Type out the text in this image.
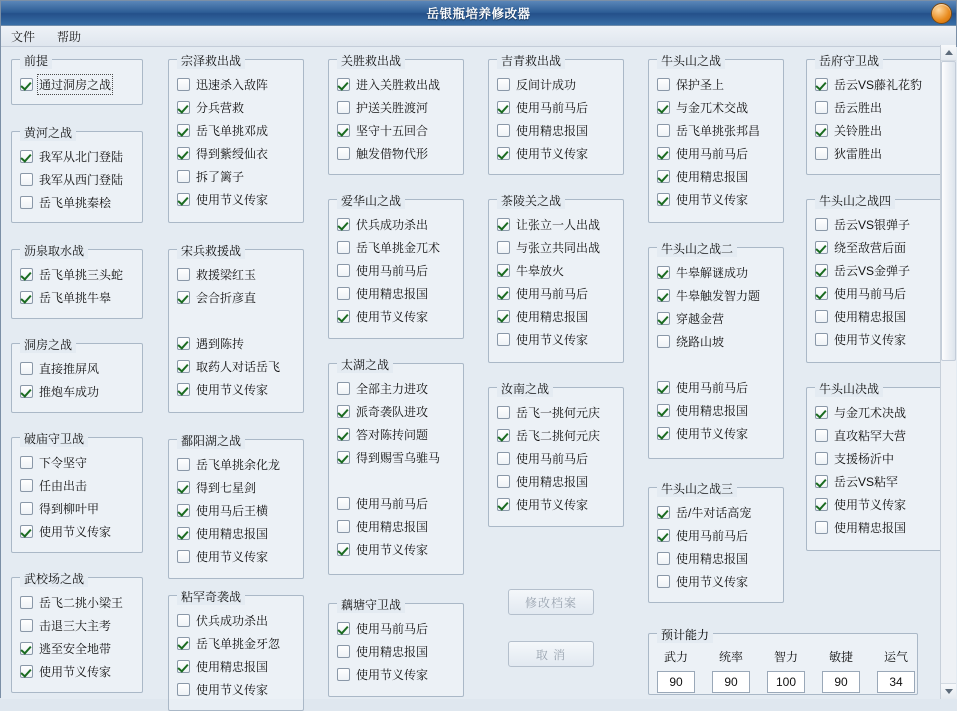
岳银瓶培养修改器
文件	帮助
前提
通过洞房之战
黄河之战
我军从北门登陆
我军从西门登陆
岳飞单挑秦桧
沥泉取水战
岳飞单挑三头蛇
岳飞单挑牛皋
洞房之战
直接推屏风
推炮车成功
破庙守卫战
下令坚守
任由出击
得到柳叶甲
使用节义传家
武校场之战
岳飞二挑小梁王
击退三大主考
逃至安全地带
使用节义传家
宗泽救出战
迅速杀入敌阵
分兵营救
岳飞单挑邓成
得到紫绶仙衣
拆了篱子
使用节义传家
宋兵救援战
救援梁红玉
会合折彦直
遇到陈抟
取药人对话岳飞
使用节义传家
鄱阳湖之战
岳飞单挑余化龙
得到七星剑
使用马后王横
使用精忠报国
使用节义传家
粘罕奇袭战
伏兵成功杀出
岳飞单挑金牙忽
使用精忠报国
使用节义传家
关胜救出战
进入关胜救出战
护送关胜渡河
坚守十五回合
触发借物代形
爱华山之战
伏兵成功杀出
岳飞单挑金兀术
使用马前马后
使用精忠报国
使用节义传家
太湖之战
全部主力进攻
派奇袭队进攻
答对陈抟问题
得到赐雪乌骓马
使用马前马后
使用精忠报国
使用节义传家
藕塘守卫战
使用马前马后
使用精忠报国
使用节义传家
吉青救出战
反间计成功
使用马前马后
使用精忠报国
使用节义传家
茶陵关之战
让张立一人出战
与张立共同出战
牛皋放火
使用马前马后
使用精忠报国
使用节义传家
汝南之战
岳飞一挑何元庆
岳飞二挑何元庆
使用马前马后
使用精忠报国
使用节义传家
修改档案
取 消
牛头山之战
保护圣上
与金兀术交战
岳飞单挑张邦昌
使用马前马后
使用精忠报国
使用节义传家
牛头山之战二
牛皋解谜成功
牛皋触发智力题
穿越金营
绕路山坡
使用马前马后
使用精忠报国
使用节义传家
牛头山之战三
岳/牛对话高宠
使用马前马后
使用精忠报国
使用节义传家
预计能力
武力
90
统率
90
智力
100
敏捷
90
运气
34
岳府守卫战
岳云VS藤礼花豹
岳云胜出
关铃胜出
狄雷胜出
牛头山之战四
岳云VS银弹子
绕至敌营后面
岳云VS金弹子
使用马前马后
使用精忠报国
使用节义传家
牛头山决战
与金兀术决战
直攻粘罕大营
支援杨沂中
岳云VS粘罕
使用节义传家
使用精忠报国
